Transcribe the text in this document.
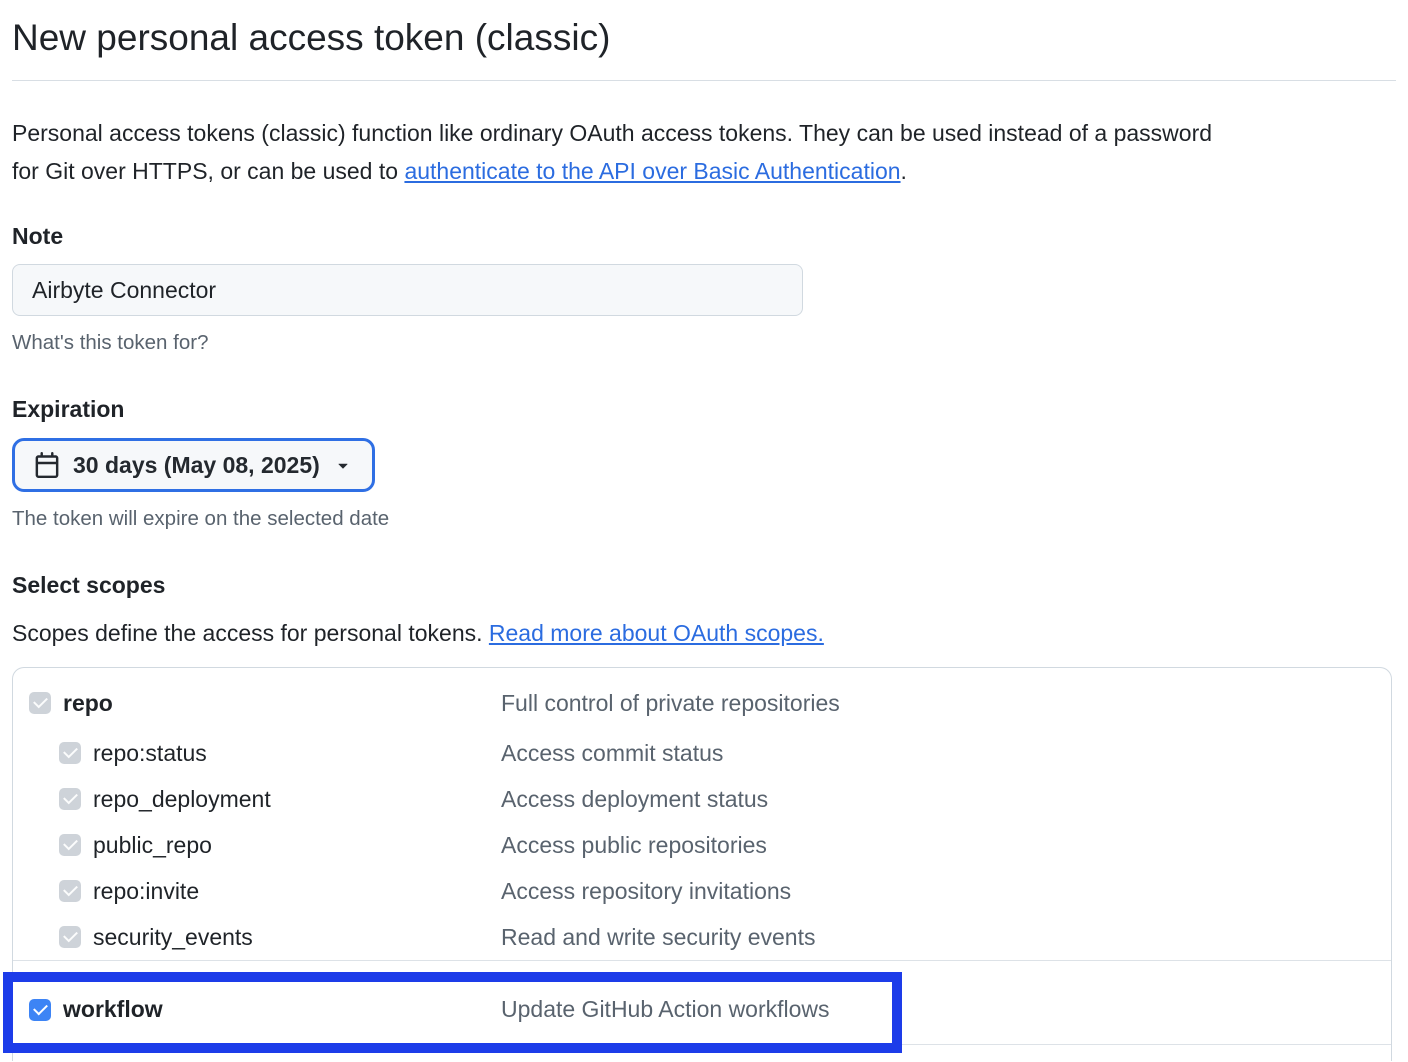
New personal access token (classic)

Personal access tokens (classic) function like ordinary OAuth access tokens. They can be used instead of a password
for Git over HTTPS, or can be used to authenticate to the API over Basic Authentication.

Note
Airbyte Connector

What's this token for?

Expiration
30 days (May 08, 2025)

The token will expire on the selected date

Select scopes

Scopes define the access for personal tokens. Read more about OAuth scopes.

repo	Full control of private repositories
repo:status	Access commit status
repo_deployment	Access deployment status
public_repo	Access public repositories
repo:invite	Access repository invitations
security_events	Read and write security events
workflow	Update GitHub Action workflows
